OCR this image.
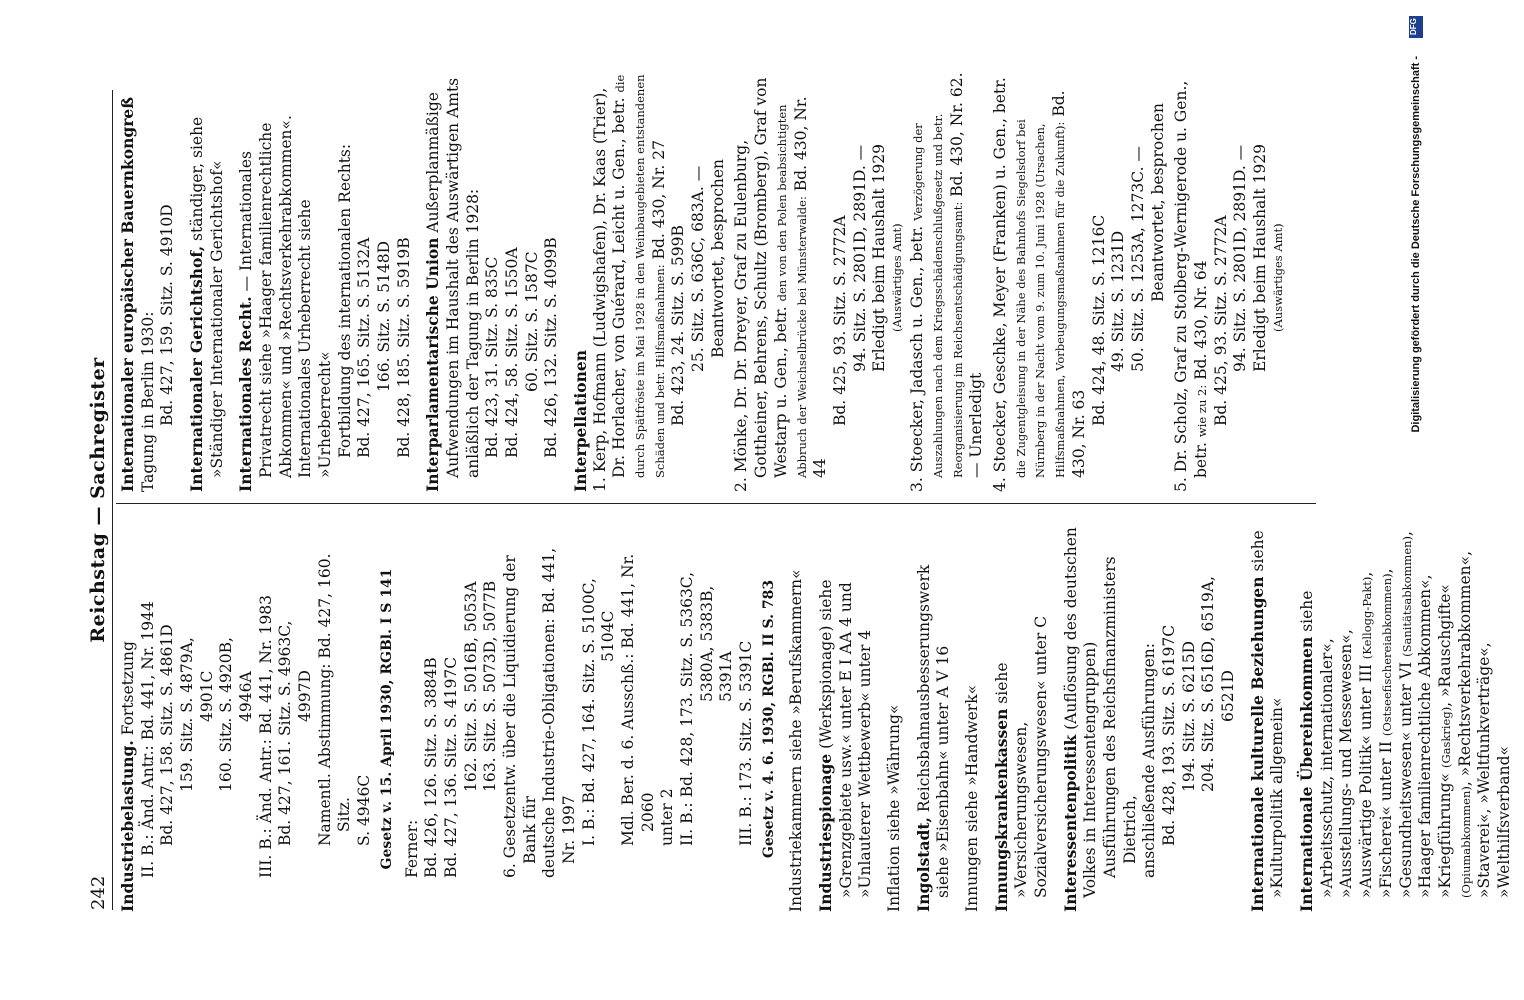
242
Reichstag — Sachregister
Industriebelastung. Fortsetzung II. B.: Änd. Antr.: Bd. 441, Nr. 1944 Bd. 427, 158. Sitz. S. 4861D 159. Sitz. S. 4879A, 4901C 160. Sitz. S. 4920B, 4946A III. B.: Änd. Antr.: Bd. 441, Nr. 1983 Bd. 427, 161. Sitz. S. 4963C, 4997D Namentl. Abstimmung: Bd. 427, 160. Sitz. S. 4946C Gesetz v. 15. April 1930, RGBl. I S 141 Ferner: Bd. 426, 126. Sitz. S. 3884B Bd. 427, 136. Sitz. S. 4197C 162. Sitz. S. 5016B, 5053A 163. Sitz. S. 5073D, 5077B 6. Gesetzentw. über die Liquidierung der Bank für deutsche Industrie-Obligationen: Bd. 441, Nr. 1997 I. B.: Bd. 427, 164. Sitz. S. 5100C, 5104C Mdl. Ber. d. 6. Ausschß.: Bd. 441, Nr. 2060 unter 2 II. B.: Bd. 428, 173. Sitz. S. 5363C, 5380A, 5383B, 5391A III. B.: 173. Sitz. S. 5391C Gesetz v. 4. 6. 1930, RGBl. II S. 783 Industriekammern siehe »Berufskammern« Industriespionage (Werkspionage) siehe »Grenzgebiete usw.« unter E I AA 4 und »Unlauterer Wettbewerb« unter 4 Inflation siehe »Währung« Ingolstadt, Reichsbahnausbesserungswerk siehe »Eisenbahn« unter A V 16 Innungen siehe »Handwerk« Innungskrankenkassen siehe »Versicherungswesen, Sozialversicherungswesen« unter C Interessentenpolitik (Auflösung des deutschen Volkes in Interessentengruppen) Ausführungen des Reichsfinanzministers Dietrich, anschließende Ausführungen: Bd. 428, 193. Sitz. S. 6197C 194. Sitz. S. 6215D 204. Sitz. S. 6516D, 6519A, 6521D Internationale kulturelle Beziehungen siehe »Kulturpolitik allgemein« Internationale Übereinkommen siehe »Arbeitsschutz, internationaler«, »Ausstellungs- und Messewesen«, »Auswärtige Politik« unter III (Kellogg-Pakt), »Fischerei« unter II (Ostseefischereiabkommen), »Gesundheitswesen« unter VI (Sanitätsabkommen), »Haager familienrechtliche Abkommen«, »Kriegführung« (Gaskrieg), »Rauschgifte« (Opiumabkommen), »Rechtsverkehrabkommen«, »Staverei«, »Weltfunkverträge«, »Welthilfsverband«
Internationaler europäischer Bauernkongreß Tagung in Berlin 1930: Bd. 427, 159. Sitz. S. 4910D Internationaler Gerichtshof, ständiger, siehe »Ständiger Internationaler Gerichtshof« Internationales Recht. — Internationales Privatrecht siehe »Haager familienrechtliche Abkommen« und »Rechtsverkehrabkommen«. Internationales Urheberrecht siehe »Urheberrecht« Fortbildung des internationalen Rechts: Bd. 427, 165. Sitz. S. 5132A 166. Sitz. S. 5148D Bd. 428, 185. Sitz. S. 5919B Interparlamentarische Union Außerplanmäßige Aufwendungen im Haushalt des Auswärtigen Amts anläßlich der Tagung in Berlin 1928: Bd. 423, 31. Sitz. S. 835C Bd. 424, 58. Sitz. S. 1550A 60. Sitz. S. 1587C Bd. 426, 132. Sitz. S. 4099B Interpellationen 1. Kerp, Hofmann (Ludwigshafen), Dr. Kaas (Trier), Dr. Horlacher, von Guérard, Leicht u. Gen., betr. die durch Spätfröste im Mai 1928 in den Weinbaugebieten entstandenen Schäden und betr. Hilfsmaßnahmen: Bd. 430, Nr. 27
Bd. 423, 24. Sitz. S. 599B 25. Sitz. S. 636C, 683A. — Beantwortet, besprochen 2. Mönke, Dr. Dr. Dreyer, Graf zu Eulenburg, Gottheiner, Behrens, Schultz (Bromberg), Graf von Westarp u. Gen., betr. den von den Polen beabsichtigten Abbruch der Weichselbrücke bei Münsterwalde: Bd. 430, Nr. 44
Bd. 425, 93. Sitz. S. 2772A 94. Sitz. S. 2801D, 2891D. — Erledigt beim Haushalt 1929 (Auswärtiges Amt) 3. Stoecker, Jadasch u. Gen., betr. Verzögerung der Auszahlungen nach dem Kriegsschädenschlußgesetz und betr. Reorganisierung im Reichsentschädigungsamt: Bd. 430, Nr. 62. — Unerledigt 4. Stoecker, Geschke, Meyer (Franken) u. Gen., betr. die Zugentgleisung in der Nähe des Bahnhofs Siegelsdorf bei Nürnberg in der Nacht vom 9. zum 10. Juni 1928 (Ursachen, Hilfsmaßnahmen, Vorbeugungsmaßnahmen für die Zukunft): Bd. 430, Nr. 63
Bd. 424, 48. Sitz. S. 1216C 49. Sitz. S. 1231D 50. Sitz. S. 1253A, 1273C. — Beantwortet, besprochen 5. Dr. Scholz, Graf zu Stolberg-Wernigerode u. Gen., betr. wie zu 2: Bd. 430, Nr. 64 Bd. 425, 93. Sitz. S. 2772A 94. Sitz. S. 2801D, 2891D. — Erledigt beim Haushalt 1929 (Auswärtiges Amt)
DFG
Digitalisierung gefördert durch die Deutsche Forschungsgemeinschaft -
